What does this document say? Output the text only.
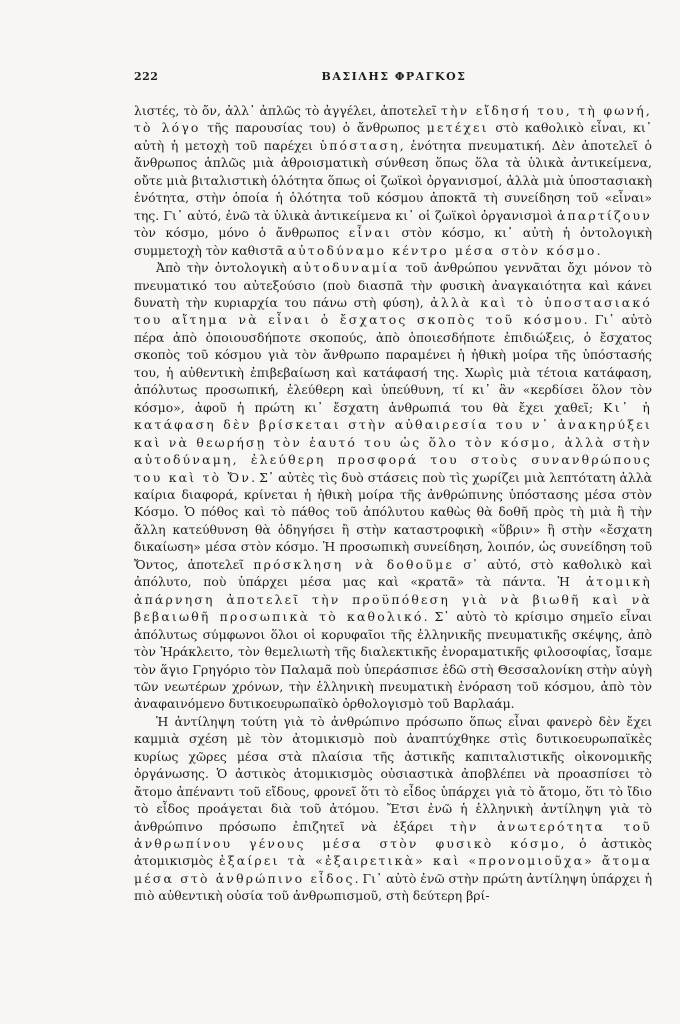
222	ΒΑΣΙΛΗΣ ΦΡΑΓΚΟΣ

λιστές, τὸ ὄν, ἀλλ᾽ ἁπλῶς τὸ ἀγγέλει, ἀποτελεῖ τὴν εἴδησή του, τὴ φωνή, τὸ λόγο τῆς παρουσίας του) ὁ ἄνθρωπος μετέχει στὸ καθολικὸ εἶναι, κι᾽ αὐτὴ ἡ μετοχὴ τοῦ παρέχει ὑπόσταση, ἑνότητα πνευματική. Δὲν ἀποτελεῖ ὁ ἄνθρωπος ἁπλῶς μιὰ ἀθροισματικὴ σύνθεση ὅπως ὅλα τὰ ὑλικὰ ἀντικείμενα, οὔτε μιὰ βιταλιστικὴ ὁλότητα ὅπως οἱ ζωϊκοὶ ὀργανισμοί, ἀλλὰ μιὰ ὑποστασιακὴ ἑνότητα, στὴν ὁποία ἡ ὁλότητα τοῦ κόσμου ἀποκτᾶ τὴ συνείδηση τοῦ «εἶναι» της. Γι᾽ αὐτό, ἐνῶ τὰ ὑλικὰ ἀντικείμενα κι᾽ οἱ ζωϊκοὶ ὀργανισμοὶ ἀπαρτίζουν τὸν κόσμο, μόνο ὁ ἄνθρωπος εἶναι στὸν κόσμο, κι᾽ αὐτὴ ἡ ὀντολογικὴ συμμετοχὴ τὸν καθιστᾶ αὐτοδύναμο κέντρο μέσα στὸν κόσμο.

Ἀπὸ τὴν ὀντολογικὴ αὐτοδυναμία τοῦ ἀνθρώπου γεννᾶται ὄχι μόνον τὸ πνευματικό του αὐτεξούσιο (ποὺ διασπᾶ τὴν φυσικὴ ἀναγκαιότητα καὶ κάνει δυνατὴ τὴν κυριαρχία του πάνω στὴ φύση), ἀλλὰ καὶ τὸ ὑποστασιακό του αἴτημα νὰ εἶναι ὁ ἔσχατος σκοπὸς τοῦ κόσμου. Γι᾽ αὐτὸ πέρα ἀπὸ ὁποιουσδήποτε σκοπούς, ἀπὸ ὁποιεσδήποτε ἐπιδιώξεις, ὁ ἔσχατος σκοπὸς τοῦ κόσμου γιὰ τὸν ἄνθρωπο παραμένει ἡ ἠθικὴ μοίρα τῆς ὑπόστασής του, ἡ αὐθεντικὴ ἐπιβεβαίωση καὶ κατάφασή της. Χωρὶς μιὰ τέτοια κατάφαση, ἀπόλυτως προσωπική, ἐλεύθερη καὶ ὑπεύθυνη, τί κι᾽ ἂν «κερδίσει ὅλον τὸν κόσμο», ἀφοῦ ἡ πρώτη κι᾽ ἔσχατη ἀνθρωπιά του θὰ ἔχει χαθεῖ; Κι᾽ ἡ κατάφαση δὲν βρίσκεται στὴν αὐθαιρεσία του ν᾽ ἀνακηρύξει καὶ νὰ θεωρήσῃ τὸν ἑαυτό του ὡς ὅλο τὸν κόσμο, ἀλλὰ στὴν αὐτοδύναμη, ἐλεύθερη προσφορά του στοὺς συνανθρώπους του καὶ τὸ Ὄν. Σ᾽ αὐτὲς τὶς δυὸ στάσεις ποὺ τὶς χωρίζει μιὰ λεπτότατη ἀλλὰ καίρια διαφορά, κρίνεται ἡ ἠθικὴ μοίρα τῆς ἀνθρώπινης ὑπόστασης μέσα στὸν Κόσμο. Ὁ πόθος καὶ τὸ πάθος τοῦ ἀπόλυτου καθὼς θὰ δοθῆ πρὸς τὴ μιὰ ἢ τὴν ἄλλη κατεύθυνση θὰ ὁδηγήσει ἢ στὴν καταστροφικὴ «ὕβριν» ἢ στὴν «ἔσχατη δικαίωση» μέσα στὸν κόσμο. Ἡ προσωπικὴ συνείδηση, λοιπόν, ὡς συνείδηση τοῦ Ὄντος, ἀποτελεῖ πρόσκληση νὰ δοθοῦμε σ᾽ αὐτό, στὸ καθολικὸ καὶ ἀπόλυτο, ποὺ ὑπάρχει μέσα μας καὶ «κρατᾶ» τὰ πάντα. Ἡ ἀτομικὴ ἀπάρνηση ἀποτελεῖ τὴν προϋπόθεση γιὰ νὰ βιωθῆ καὶ νὰ βεβαιωθῆ προσωπικὰ τὸ καθολικό. Σ᾽ αὐτὸ τὸ κρίσιμο σημεῖο εἶναι ἀπόλυτως σύμφωνοι ὅλοι οἱ κορυφαῖοι τῆς ἑλληνικῆς πνευματικῆς σκέψης, ἀπὸ τὸν Ἡράκλειτο, τὸν θεμελιωτὴ τῆς διαλεκτικῆς ἐνοραματικῆς φιλοσοφίας, ἴσαμε τὸν ἅγιο Γρηγόριο τὸν Παλαμᾶ ποὺ ὑπεράσπισε ἐδῶ στὴ Θεσσαλονίκη στὴν αὐγὴ τῶν νεωτέρων χρόνων, τὴν ἑλληνικὴ πνευματικὴ ἐνόραση τοῦ κόσμου, ἀπὸ τὸν ἀναφαινόμενο δυτικοευρωπαϊκὸ ὀρθολογισμὸ τοῦ Βαρλαάμ.

Ἡ ἀντίληψη τούτη γιὰ τὸ ἀνθρώπινο πρόσωπο ὅπως εἶναι φανερὸ δὲν ἔχει καμμιὰ σχέση μὲ τὸν ἀτομικισμὸ ποὺ ἀναπτύχθηκε στὶς δυτικοευρωπαϊκὲς κυρίως χῶρες μέσα στὰ πλαίσια τῆς ἀστικῆς καπιταλιστικῆς οἰκονομικῆς ὀργάνωσης. Ὁ ἀστικὸς ἀτομικισμὸς οὐσιαστικὰ ἀποβλέπει νὰ προασπίσει τὸ ἄτομο ἀπέναντι τοῦ εἴδους, φρονεῖ ὅτι τὸ εἶδος ὑπάρχει γιὰ τὸ ἄτομο, ὅτι τὸ ἴδιο τὸ εἶδος προάγεται διὰ τοῦ ἀτόμου. Ἔτσι ἐνῶ ἡ ἑλληνικὴ ἀντίληψη γιὰ τὸ ἀνθρώπινο πρόσωπο ἐπιζητεῖ νὰ ἐξάρει τὴν ἀνωτερότητα τοῦ ἀνθρωπίνου γένους μέσα στὸν φυσικὸ κόσμο, ὁ ἀστικὸς ἀτομικισμὸς ἐξαίρει τὰ «ἐξαιρετικὰ» καὶ «προνομιοῦχα» ἄτομα μέσα στὸ ἀνθρώπινο εἶδος. Γι᾽ αὐτὸ ἐνῶ στὴν πρώτη ἀντίληψη ὑπάρχει ἡ πιὸ αὐθεντικὴ οὐσία τοῦ ἀνθρωπισμοῦ, στὴ δεύτερη βρί-
